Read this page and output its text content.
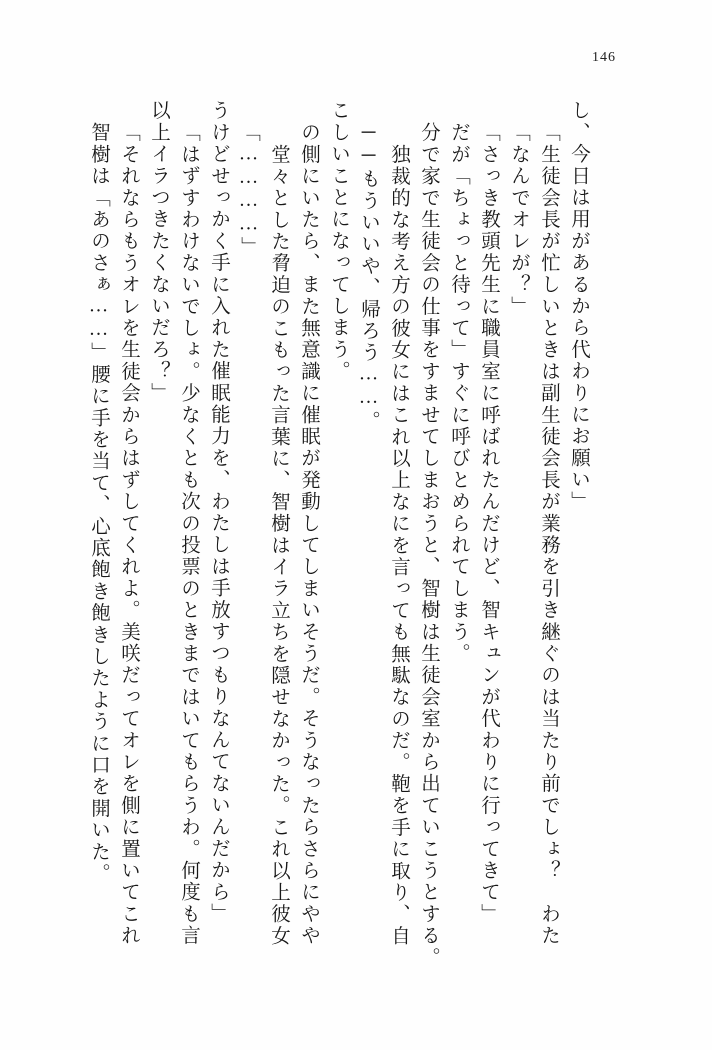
146
智樹は「あのさぁ……」腰に手を当て、心底飽き飽きしたように口を開いた。 「それならもうオレを生徒会からはずしてくれよ。美咲だってオレを側に置いてこれ 以上イラつきたくないだろ？」 「はずすわけないでしょ。少なくとも次の投票のときまではいてもらうわ。何度も言 うけどせっかく手に入れた催眠能力を、わたしは手放すつもりなんてないんだから」 「…………」 堂々とした脅迫のこもった言葉に、智樹はイラ立ちを隠せなかった。これ以上彼女 の側にいたら、また無意識に催眠が発動してしまいそうだ。そうなったらさらにやや こしいことになってしまう。 ──もういいや、帰ろう……。 独裁的な考え方の彼女にはこれ以上なにを言っても無駄なのだ。鞄を手に取り、自 分で家で生徒会の仕事をすませてしまおうと、智樹は生徒会室から出ていこうとする。 だが「ちょっと待って」すぐに呼びとめられてしまう。 「さっき教頭先生に職員室に呼ばれたんだけど、智キュンが代わりに行ってきて」 「なんでオレが？」 「生徒会長が忙しいときは副生徒会長が業務を引き継ぐのは当たり前でしょ？　わた し、今日は用があるから代わりにお願い」
